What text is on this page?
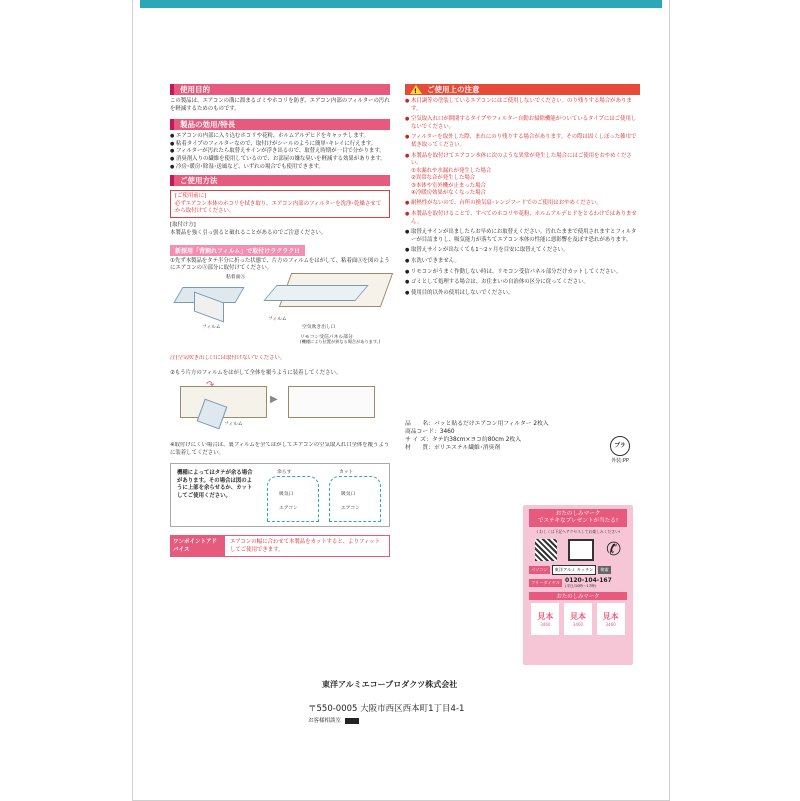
使用目的
この製品は、エアコンの溝に溜まるゴミやホコリを防ぎ、エアコン内部のフィルターの汚れを軽減するためのものです。
製品の効用/特長
● エアコンの内部に入り込むホコリや花粉、ホルムアルデヒドをキャッチします。
● 粘着タイプのフィルターなので、取付けがシールのように簡単･キレイに行えます。
● フィルターが汚れたら取替えサインが浮き出るので、取替え時期が一目で分かります。
● 消臭剤入りの繊維を使用しているので、お部屋の嫌な臭いを軽減する効果があります。
● 冷房･暖房･除湿･送風など、いずれの場合でも使用できます。
ご使用方法
[ご使用前に]
必ずエアコン本体のホコリを拭き取り、エアコン内部のフィルターを洗浄･乾燥させてから取付けてください。
[取付け方]
本製品を強く引っ張ると破れることがあるのでご注意ください。
新採用「背割れフィルム」で取付けラクラク!!
①先ず本製品をタテ半分に折った状態で、片方のフィルムをはがして、粘着面Ⓐを図のようにエアコンのⒶ部分に取付けてください。
粘着面Ⓐ
フィルム
フィルム
空気吹き出し口
リモコン受信パネル部分
(機種により位置が異なる場合があります。)
注)空気吹き出し口には取付けないでください。
②もう片方のフィルムをはがして全体を覆うように装着してください。
↷
▶
フィルム
※取付けにくい場合は、裏フィルムを全てはがしてエアコンの空気取入れ口全体を覆うように装着してください。
機種によってはタテが余る場合があります。その場合は図のように上部を余らせるか、カットしてご使用ください。
余らす	カット
吸気口	吸気口
エアコン	エアコン
ワンポイントアドバイス
エアコンの幅に合わせて本製品をカットすると、よりフィットしてご使用できます。
!
ご使用上の注意
● 木目調等の塗装しているエアコンにはご使用しないでください。のり残りする場合があります。
● 空気取入れ口が開閉するタイプやフィルター自動お掃除機能がついているタイプにはご使用しないでください。
● フィルターを取外した際、まれにのり残りする場合があります。その際は固くしぼった雑巾で拭き取ってください。
● 本製品を取付けてエアコン本体に次のような異常が発生した場合にはご使用をおやめください。
①水漏れや水漏れが発生した場合
②異常な音が発生した場合
③本体や室外機が止まった場合
④冷暖房効果がなくなった場合
● 耐熱性がないので、台所の換気扇･レンジフードでのご使用はおやめください。
● 本製品を取付けることで、すべてのホコリや花粉、ホルムアルデヒドをとるわけではありません。
● 取替えサインが出ましたらお早めにお取替えください。汚れたままで使用されますとフィルターが目詰まりし、吸気能力が落ちてエアコン本体の性能に悪影響を及ぼす恐れがあります。
● 取替えサインが出なくても1～2ヶ月を目安に取替えてください。
● 水洗いできません。
● リモコンがうまく作動しない時は、リモコン受信パネル部分だけカットしてください。
● ゴミとして処理する場合は、お住まいの自治体の区分に従ってください。
● 使用目的以外の使用はしないでください。
品　　名：パッと貼るだけエアコン用フィルター 2枚入
商品コード：3460
サ イ ズ：タテ約38cm×ヨコ約80cm 2枚入
材　　質：ポリエステル繊維･消臭剤	プラ
外装:PP
おたのしみマーク
でステキなプレゼントが当たる!
くわしくは下記へアクセスしてお楽しみください!
✆
パソコン	東洋アルミ キッチン	検索
フリーダイヤル 0120-104-167
(平日/10時～17時)
おたのしみマーク
見本
3460
見本
3460
見本
3460
東洋アルミエコープロダクツ株式会社
〒550-0005 大阪市西区西本町1丁目4-1
お客様相談室
